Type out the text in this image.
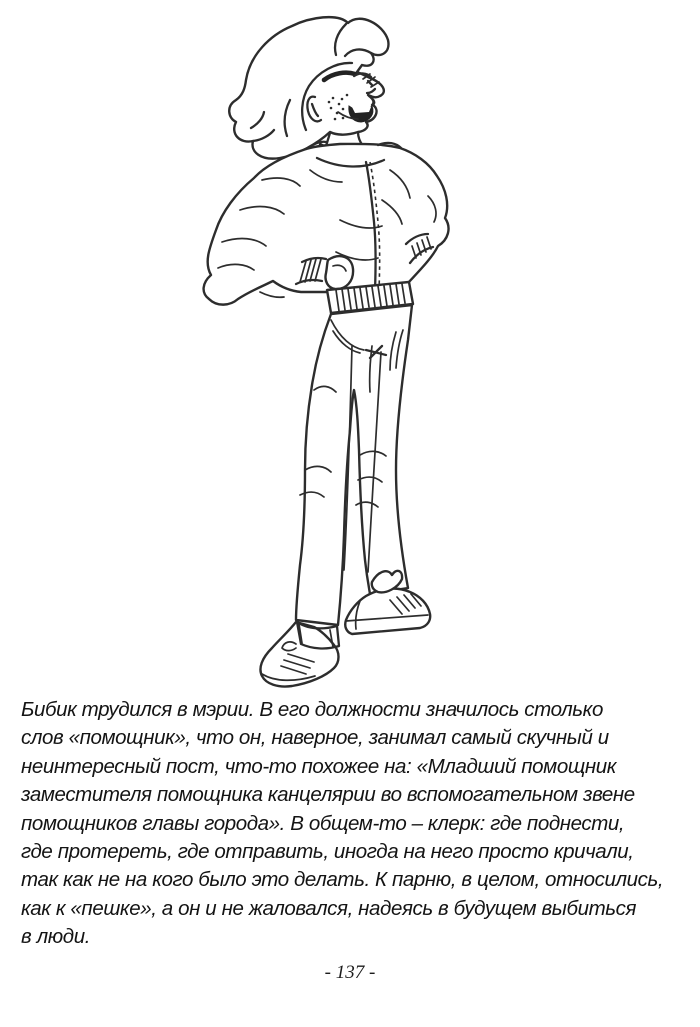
Бибик трудился в мэрии. В его должности значилось столько
слов «помощник», что он, наверное, занимал самый скучный и
неинтересный пост, что-то похожее на: «Младший помощник
заместителя помощника канцелярии во вспомогательном звене
помощников главы города». В общем-то – клерк: где поднести,
где протереть, где отправить, иногда на него просто кричали,
так как не на кого было это делать. К парню, в целом, относились,
как к «пешке», а он и не жаловался, надеясь в будущем выбиться
в люди.
- 137 -
